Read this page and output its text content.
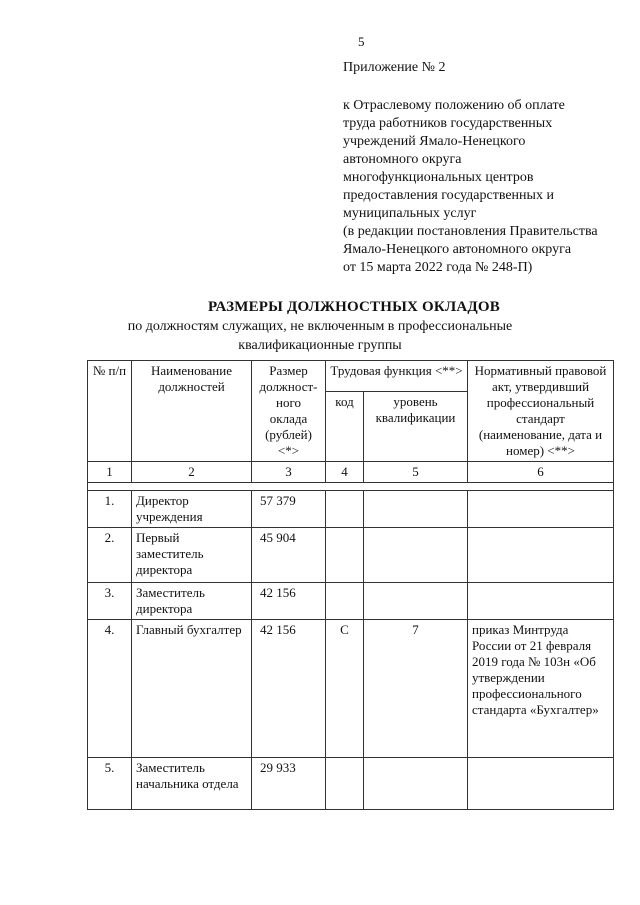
5
Приложение № 2
к Отраслевому положению об оплате
труда работников государственных
учреждений Ямало-Ненецкого
автономного округа
многофункциональных центров
предоставления государственных и
муниципальных услуг
(в редакции постановления Правительства
Ямало-Ненецкого автономного округа
от 15 марта 2022 года № 248-П)
РАЗМЕРЫ ДОЛЖНОСТНЫХ ОКЛАДОВ
по должностям служащих, не включенным в профессиональные
квалификационные группы
№ п/п	Наименование должностей	Размер должност-ного оклада (рублей) <*>	Трудовая функция <**>		Нормативный правовой акт, утвердивший профессиональный стандарт (наименование, дата и номер) <**>
			код	уровень квалификации	
1	2	3	4	5	6

1.	Директор учреждения	57 379			
2.	Первый заместитель директора	45 904			
3.	Заместитель директора	42 156			
4.	Главный бухгалтер	42 156	С	7	приказ Минтруда России от 21 февраля 2019 года № 103н «Об утверждении профессионального стандарта «Бухгалтер»
5.	Заместитель начальника отдела	29 933			
